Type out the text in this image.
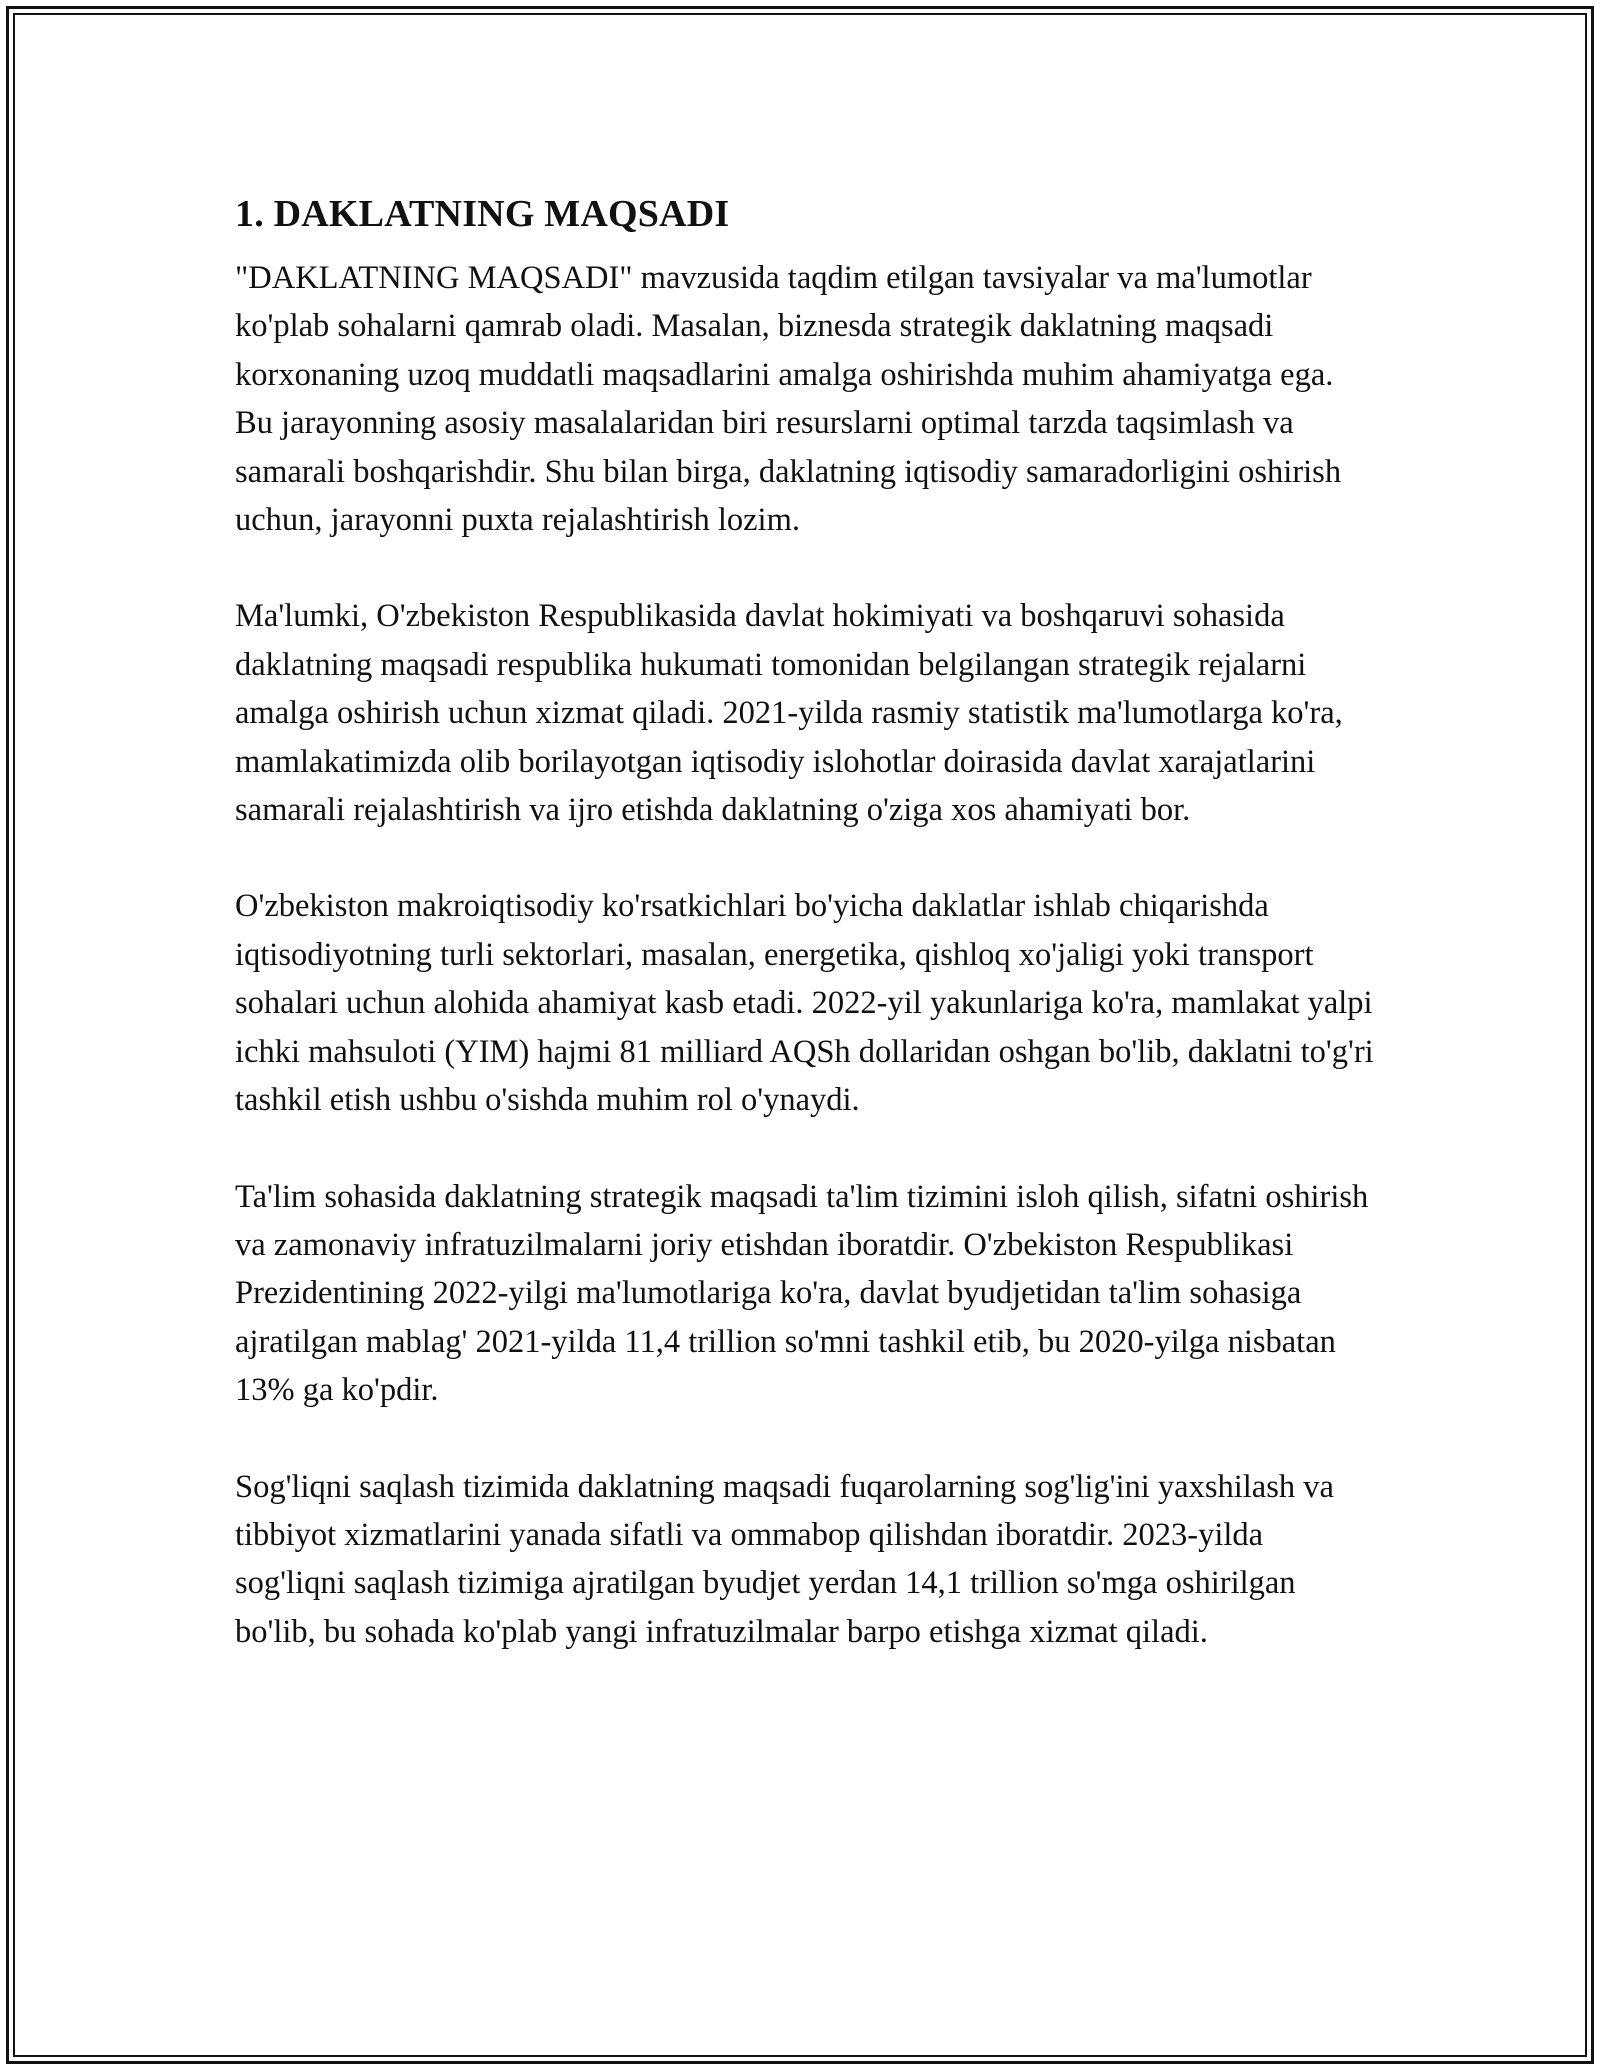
1. DAKLATNING MAQSADI

"DAKLATNING MAQSADI" mavzusida taqdim etilgan tavsiyalar va ma'lumotlar ko'plab sohalarni qamrab oladi. Masalan, biznesda strategik daklatning maqsadi korxonaning uzoq muddatli maqsadlarini amalga oshirishda muhim ahamiyatga ega. Bu jarayonning asosiy masalalaridan biri resurslarni optimal tarzda taqsimlash va samarali boshqarishdir. Shu bilan birga, daklatning iqtisodiy samaradorligini oshirish uchun, jarayonni puxta rejalashtirish lozim.

Ma'lumki, O'zbekiston Respublikasida davlat hokimiyati va boshqaruvi sohasida daklatning maqsadi respublika hukumati tomonidan belgilangan strategik rejalarni amalga oshirish uchun xizmat qiladi. 2021-yilda rasmiy statistik ma'lumotlarga ko'ra, mamlakatimizda olib borilayotgan iqtisodiy islohotlar doirasida davlat xarajatlarini samarali rejalashtirish va ijro etishda daklatning o'ziga xos ahamiyati bor.

O'zbekiston makroiqtisodiy ko'rsatkichlari bo'yicha daklatlar ishlab chiqarishda iqtisodiyotning turli sektorlari, masalan, energetika, qishloq xo'jaligi yoki transport sohalari uchun alohida ahamiyat kasb etadi. 2022-yil yakunlariga ko'ra, mamlakat yalpi ichki mahsuloti (YIM) hajmi 81 milliard AQSh dollaridan oshgan bo'lib, daklatni to'g'ri tashkil etish ushbu o'sishda muhim rol o'ynaydi.

Ta'lim sohasida daklatning strategik maqsadi ta'lim tizimini isloh qilish, sifatni oshirish va zamonaviy infratuzilmalarni joriy etishdan iboratdir. O'zbekiston Respublikasi Prezidentining 2022-yilgi ma'lumotlariga ko'ra, davlat byudjetidan ta'lim sohasiga ajratilgan mablag' 2021-yilda 11,4 trillion so'mni tashkil etib, bu 2020-yilga nisbatan 13% ga ko'pdir.

Sog'liqni saqlash tizimida daklatning maqsadi fuqarolarning sog'lig'ini yaxshilash va tibbiyot xizmatlarini yanada sifatli va ommabop qilishdan iboratdir. 2023-yilda sog'liqni saqlash tizimiga ajratilgan byudjet yerdan 14,1 trillion so'mga oshirilgan bo'lib, bu sohada ko'plab yangi infratuzilmalar barpo etishga xizmat qiladi.
